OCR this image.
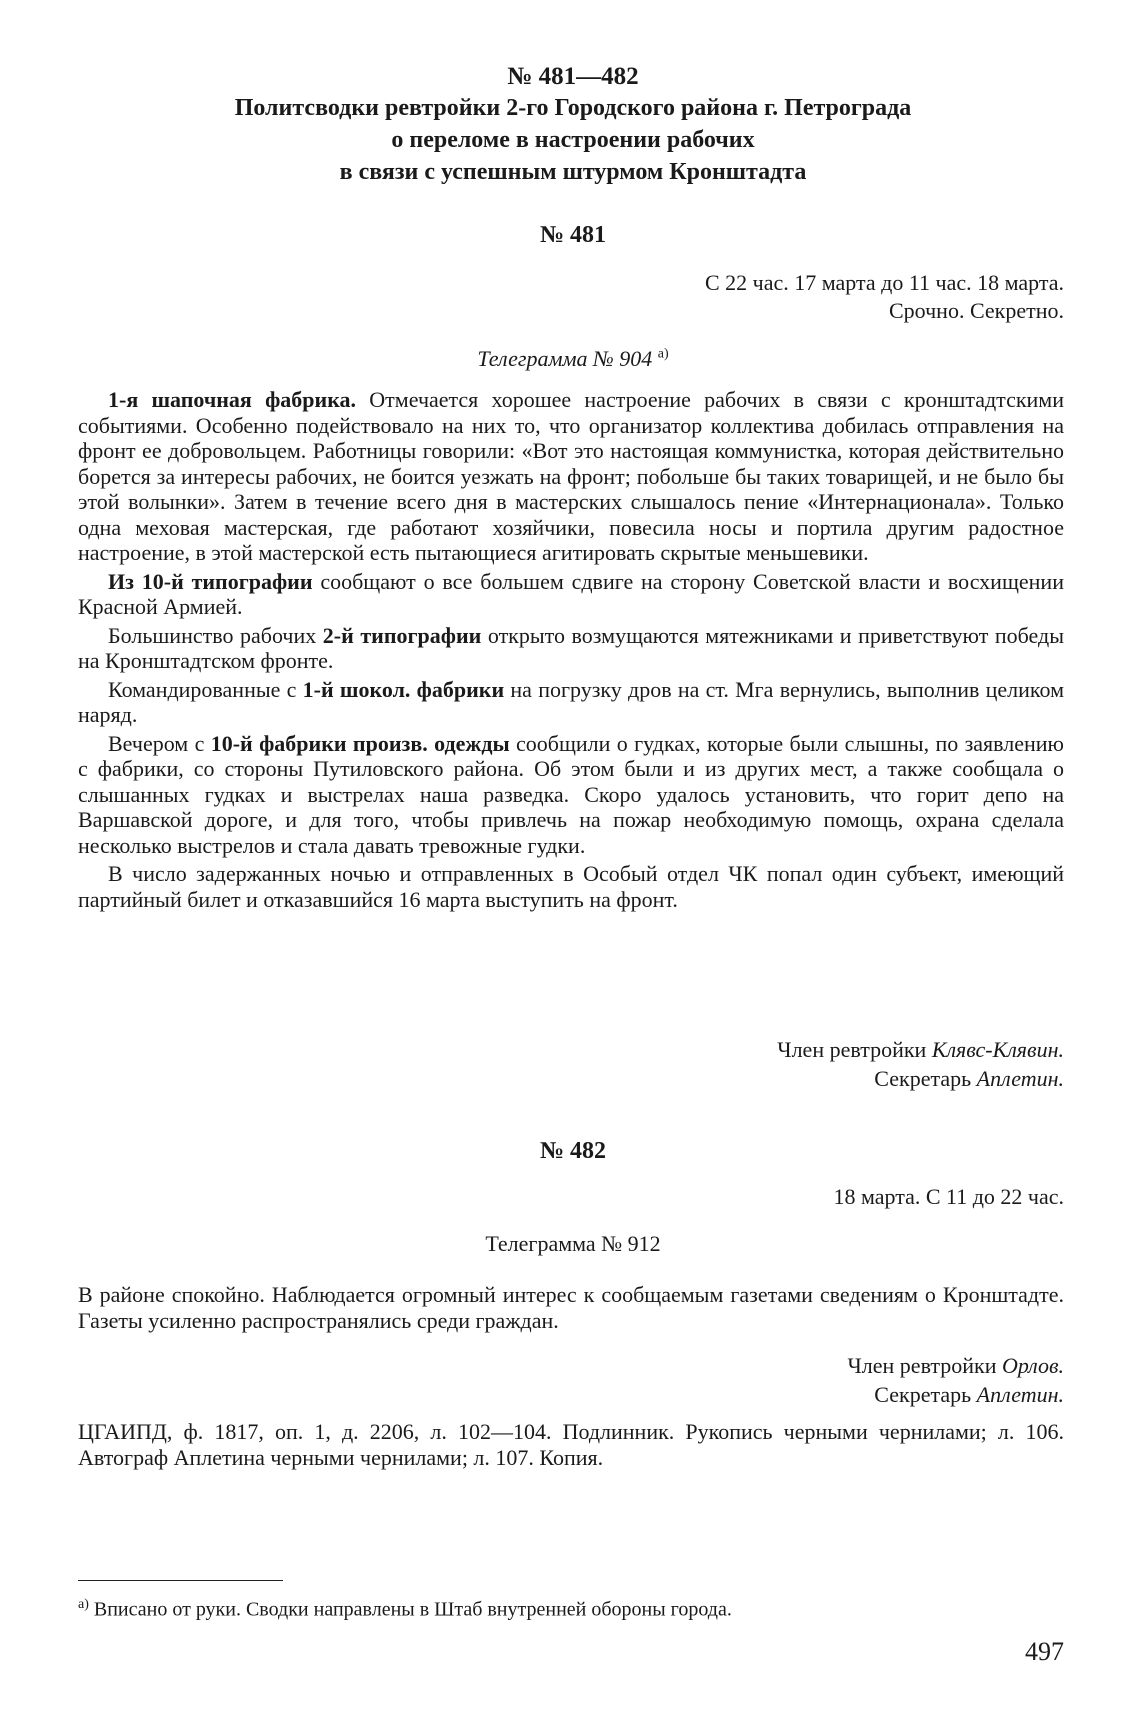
№ 481—482
Политсводки ревтройки 2-го Городского района г. Петрограда
о переломе в настроении рабочих
в связи с успешным штурмом Кронштадта
№ 481
С 22 час. 17 марта до 11 час. 18 марта.
Срочно. Секретно.
Телеграмма № 904 $^{а)}$

1-я шапочная фабрика. Отмечается хорошее настроение рабочих в связи с кронштадтскими событиями. Особенно подействовало на них то, что организатор коллектива добилась отправления на фронт ее добровольцем. Работницы говорили: «Вот это настоящая коммунистка, которая действительно борется за интересы рабочих, не боится уезжать на фронт; побольше бы таких товарищей, и не было бы этой волынки». Затем в течение всего дня в мастерских слышалось пение «Интернационала». Только одна меховая мастерская, где работают хозяйчики, повесила носы и портила другим радостное настроение, в этой мастерской есть пытающиеся агитировать скрытые меньшевики.

Из 10-й типографии сообщают о все большем сдвиге на сторону Советской власти и восхищении Красной Армией.

Большинство рабочих 2-й типографии открыто возмущаются мятежниками и приветствуют победы на Кронштадтском фронте.

Командированные с 1-й шокол. фабрики на погрузку дров на ст. Мга вернулись, выполнив целиком наряд.

Вечером с 10-й фабрики произв. одежды сообщили о гудках, которые были слышны, по заявлению с фабрики, со стороны Путиловского района. Об этом были и из других мест, а также сообщала о слышанных гудках и выстрелах наша разведка. Скоро удалось установить, что горит депо на Варшавской дороге, и для того, чтобы привлечь на пожар необходимую помощь, охрана сделала несколько выстрелов и стала давать тревожные гудки.

В число задержанных ночью и отправленных в Особый отдел ЧК попал один субъект, имеющий партийный билет и отказавшийся 16 марта выступить на фронт.

Член ревтройки Клявс-Клявин.
Секретарь Аплетин.
№ 482
18 марта. С 11 до 22 час.
Телеграмма № 912

В районе спокойно. Наблюдается огромный интерес к сообщаемым газетами сведениям о Кронштадте. Газеты усиленно распространялись среди граждан.

Член ревтройки Орлов.
Секретарь Аплетин.
ЦГАИПД, ф. 1817, оп. 1, д. 2206, л. 102—104. Подлинник. Рукопись черными чернилами; л. 106. Автограф Аплетина черными чернилами; л. 107. Копия.
$^{а)}$ Вписано от руки. Сводки направлены в Штаб внутренней обороны города.
497
